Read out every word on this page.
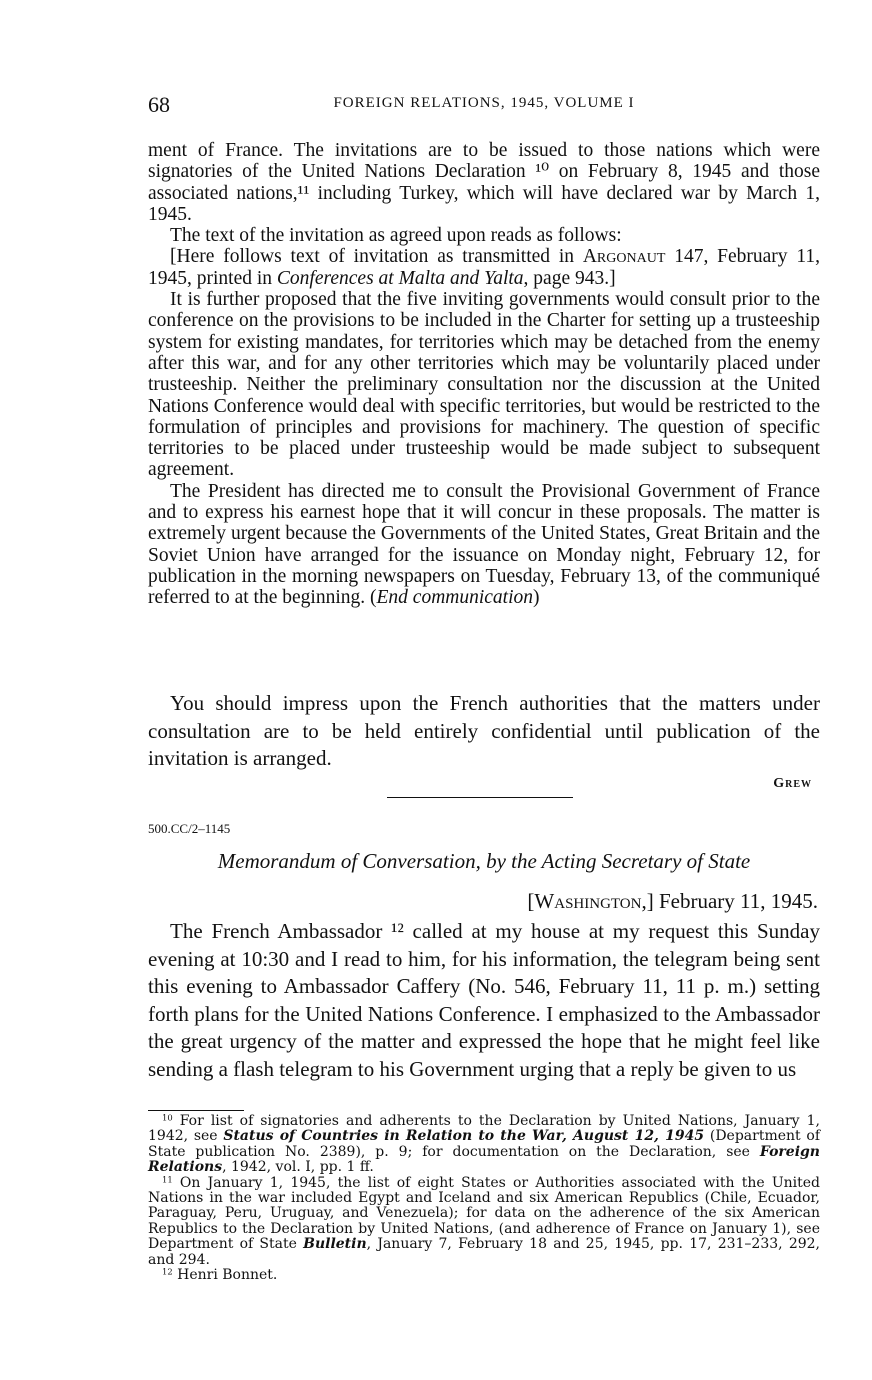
68	FOREIGN RELATIONS, 1945, VOLUME I

ment of France. The invitations are to be issued to those nations which were signatories of the United Nations Declaration ¹⁰ on February 8, 1945 and those associated nations,¹¹ including Turkey, which will have declared war by March 1, 1945.

The text of the invitation as agreed upon reads as follows:

[Here follows text of invitation as transmitted in Argonaut 147, February 11, 1945, printed in Conferences at Malta and Yalta, page 943.]

It is further proposed that the five inviting governments would consult prior to the conference on the provisions to be included in the Charter for setting up a trusteeship system for existing mandates, for territories which may be detached from the enemy after this war, and for any other territories which may be voluntarily placed under trusteeship. Neither the preliminary consultation nor the discussion at the United Nations Conference would deal with specific territories, but would be restricted to the formulation of principles and provisions for machinery. The question of specific territories to be placed under trusteeship would be made subject to subsequent agreement.

The President has directed me to consult the Provisional Government of France and to express his earnest hope that it will concur in these proposals. The matter is extremely urgent because the Governments of the United States, Great Britain and the Soviet Union have arranged for the issuance on Monday night, February 12, for publication in the morning newspapers on Tuesday, February 13, of the communiqué referred to at the beginning. (End communication)

You should impress upon the French authorities that the matters under consultation are to be held entirely confidential until publication of the invitation is arranged.

Grew
500.CC/2–1145
Memorandum of Conversation, by the Acting Secretary of State
[Washington,] February 11, 1945.

The French Ambassador ¹² called at my house at my request this Sunday evening at 10:30 and I read to him, for his information, the telegram being sent this evening to Ambassador Caffery (No. 546, February 11, 11 p. m.) setting forth plans for the United Nations Conference. I emphasized to the Ambassador the great urgency of the matter and expressed the hope that he might feel like sending a flash telegram to his Government urging that a reply be given to us

$^{10}$ For list of signatories and adherents to the Declaration by United Nations, January 1, 1942, see Status of Countries in Relation to the War, August 12, 1945 (Department of State publication No. 2389), p. 9; for documentation on the Declaration, see Foreign Relations, 1942, vol. I, pp. 1 ff.

$^{11}$ On January 1, 1945, the list of eight States or Authorities associated with the United Nations in the war included Egypt and Iceland and six American Republics (Chile, Ecuador, Paraguay, Peru, Uruguay, and Venezuela); for data on the adherence of the six American Republics to the Declaration by United Nations, (and adherence of France on January 1), see Department of State Bulletin, January 7, February 18 and 25, 1945, pp. 17, 231–233, 292, and 294.

$^{12}$ Henri Bonnet.
